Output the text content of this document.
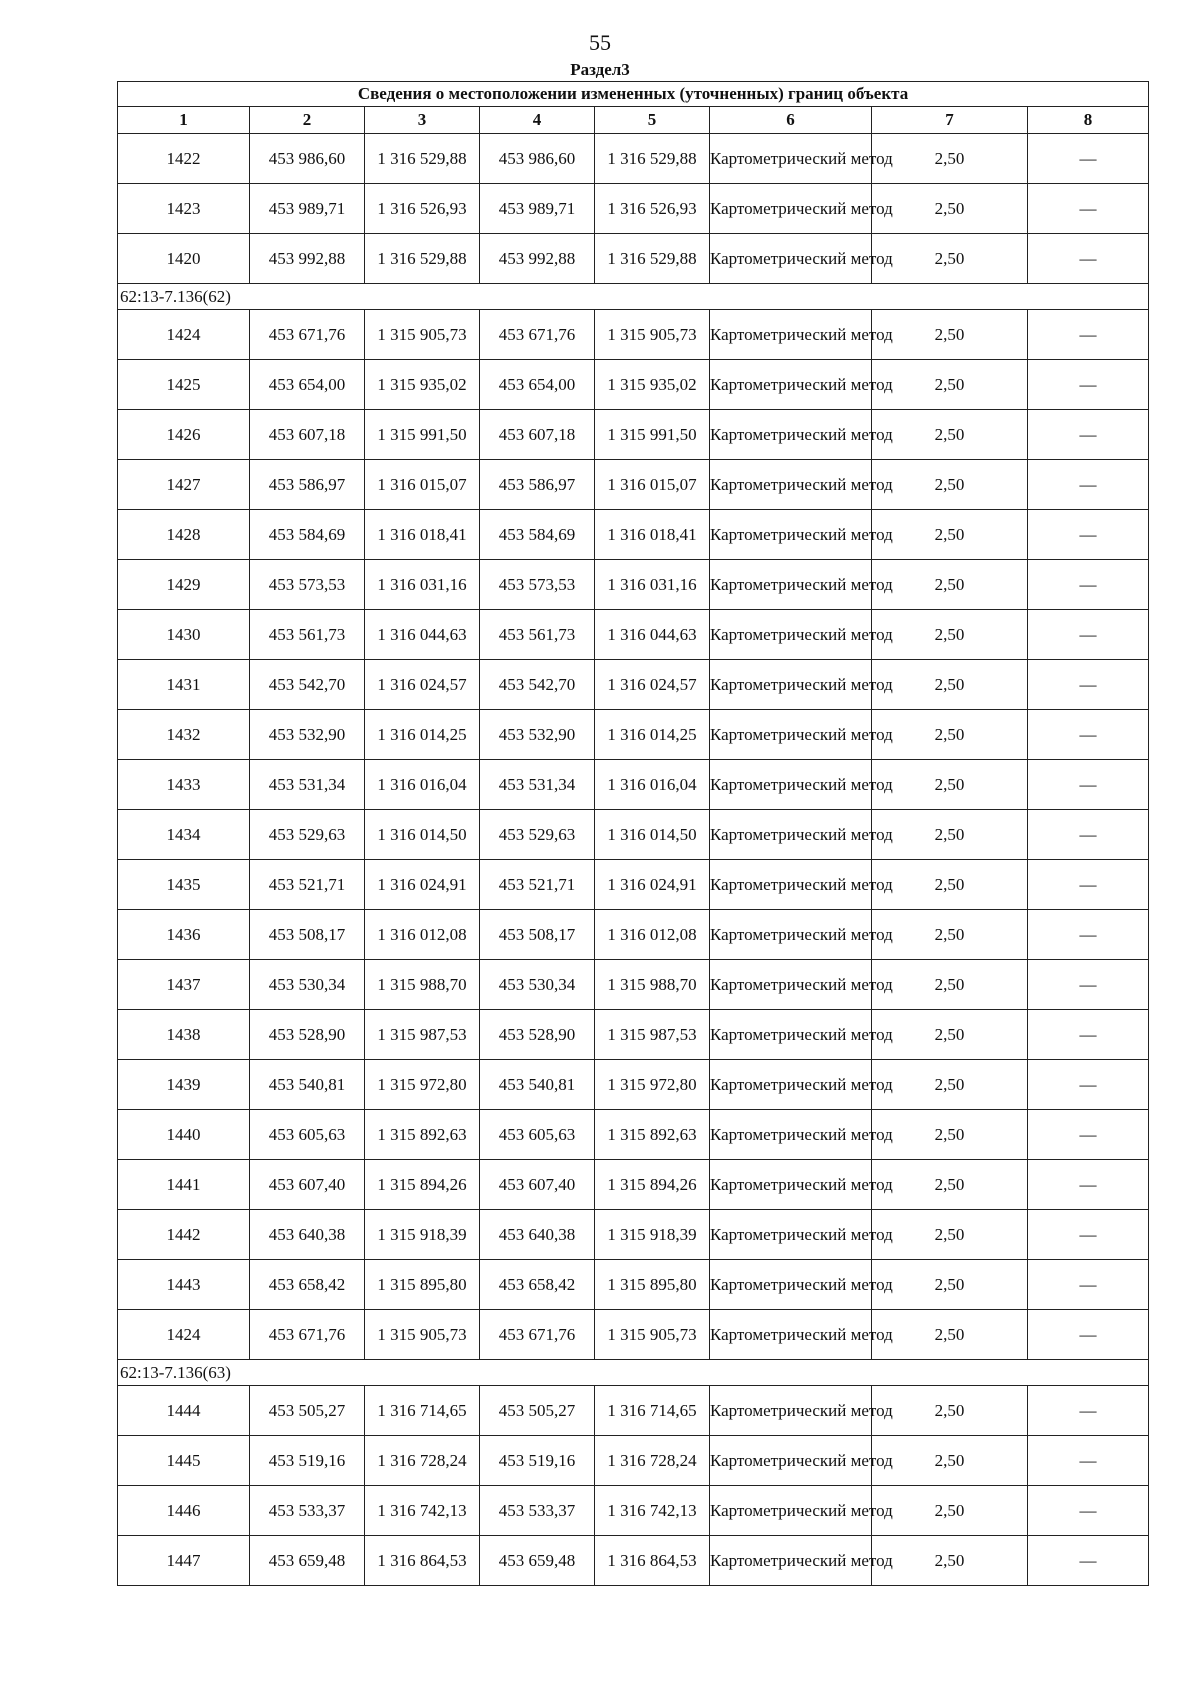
55
Раздел3
Сведения о местоположении измененных (уточненных) границ объекта							
1	2	3	4	5	6	7	8
1422	453 986,60	1 316 529,88	453 986,60	1 316 529,88	Картометрический метод	2,50	—
1423	453 989,71	1 316 526,93	453 989,71	1 316 526,93	Картометрический метод	2,50	—
1420	453 992,88	1 316 529,88	453 992,88	1 316 529,88	Картометрический метод	2,50	—
62:13-7.136(62)							
1424	453 671,76	1 315 905,73	453 671,76	1 315 905,73	Картометрический метод	2,50	—
1425	453 654,00	1 315 935,02	453 654,00	1 315 935,02	Картометрический метод	2,50	—
1426	453 607,18	1 315 991,50	453 607,18	1 315 991,50	Картометрический метод	2,50	—
1427	453 586,97	1 316 015,07	453 586,97	1 316 015,07	Картометрический метод	2,50	—
1428	453 584,69	1 316 018,41	453 584,69	1 316 018,41	Картометрический метод	2,50	—
1429	453 573,53	1 316 031,16	453 573,53	1 316 031,16	Картометрический метод	2,50	—
1430	453 561,73	1 316 044,63	453 561,73	1 316 044,63	Картометрический метод	2,50	—
1431	453 542,70	1 316 024,57	453 542,70	1 316 024,57	Картометрический метод	2,50	—
1432	453 532,90	1 316 014,25	453 532,90	1 316 014,25	Картометрический метод	2,50	—
1433	453 531,34	1 316 016,04	453 531,34	1 316 016,04	Картометрический метод	2,50	—
1434	453 529,63	1 316 014,50	453 529,63	1 316 014,50	Картометрический метод	2,50	—
1435	453 521,71	1 316 024,91	453 521,71	1 316 024,91	Картометрический метод	2,50	—
1436	453 508,17	1 316 012,08	453 508,17	1 316 012,08	Картометрический метод	2,50	—
1437	453 530,34	1 315 988,70	453 530,34	1 315 988,70	Картометрический метод	2,50	—
1438	453 528,90	1 315 987,53	453 528,90	1 315 987,53	Картометрический метод	2,50	—
1439	453 540,81	1 315 972,80	453 540,81	1 315 972,80	Картометрический метод	2,50	—
1440	453 605,63	1 315 892,63	453 605,63	1 315 892,63	Картометрический метод	2,50	—
1441	453 607,40	1 315 894,26	453 607,40	1 315 894,26	Картометрический метод	2,50	—
1442	453 640,38	1 315 918,39	453 640,38	1 315 918,39	Картометрический метод	2,50	—
1443	453 658,42	1 315 895,80	453 658,42	1 315 895,80	Картометрический метод	2,50	—
1424	453 671,76	1 315 905,73	453 671,76	1 315 905,73	Картометрический метод	2,50	—
62:13-7.136(63)							
1444	453 505,27	1 316 714,65	453 505,27	1 316 714,65	Картометрический метод	2,50	—
1445	453 519,16	1 316 728,24	453 519,16	1 316 728,24	Картометрический метод	2,50	—
1446	453 533,37	1 316 742,13	453 533,37	1 316 742,13	Картометрический метод	2,50	—
1447	453 659,48	1 316 864,53	453 659,48	1 316 864,53	Картометрический метод	2,50	—
